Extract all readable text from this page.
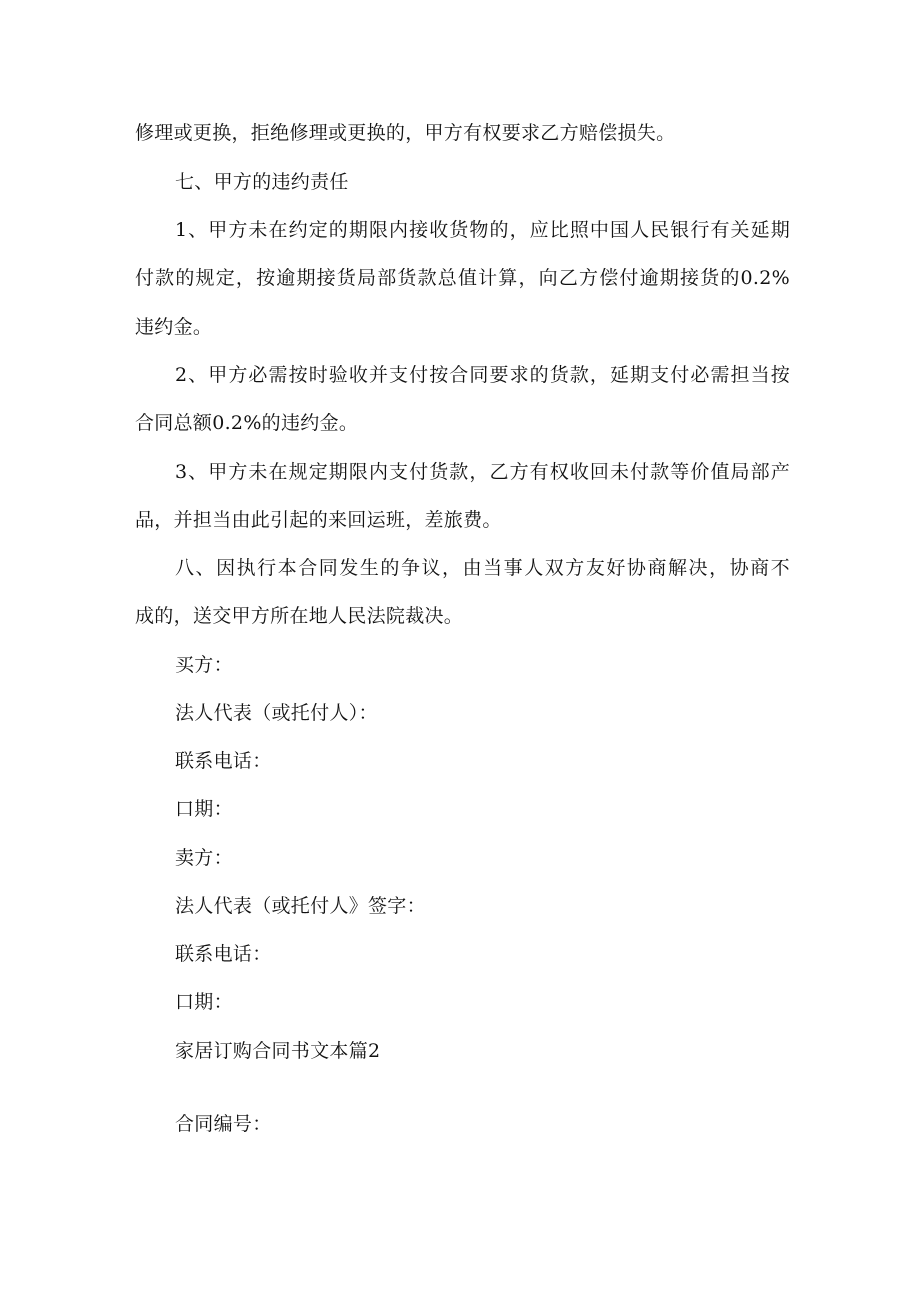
修理或更换，拒绝修理或更换的，甲方有权要求乙方赔偿损失。
七、甲方的违约责任
1、甲方未在约定的期限内接收货物的，应比照中国人民银行有关延期
付款的规定，按逾期接货局部货款总值计算，向乙方偿付逾期接货的0.2%
违约金。
2、甲方必需按时验收并支付按合同要求的货款，延期支付必需担当按
合同总额0.2%的违约金。
3、甲方未在规定期限内支付货款，乙方有权收回未付款等价值局部产
品，并担当由此引起的来回运班，差旅费。
八、因执行本合同发生的争议，由当事人双方友好协商解决，协商不
成的，送交甲方所在地人民法院裁决。
买方：
法人代表（或托付人）：
联系电话：
口期：
卖方：
法人代表（或托付人》签字：
联系电话：
口期：
家居订购合同书文本篇2
合同编号：
